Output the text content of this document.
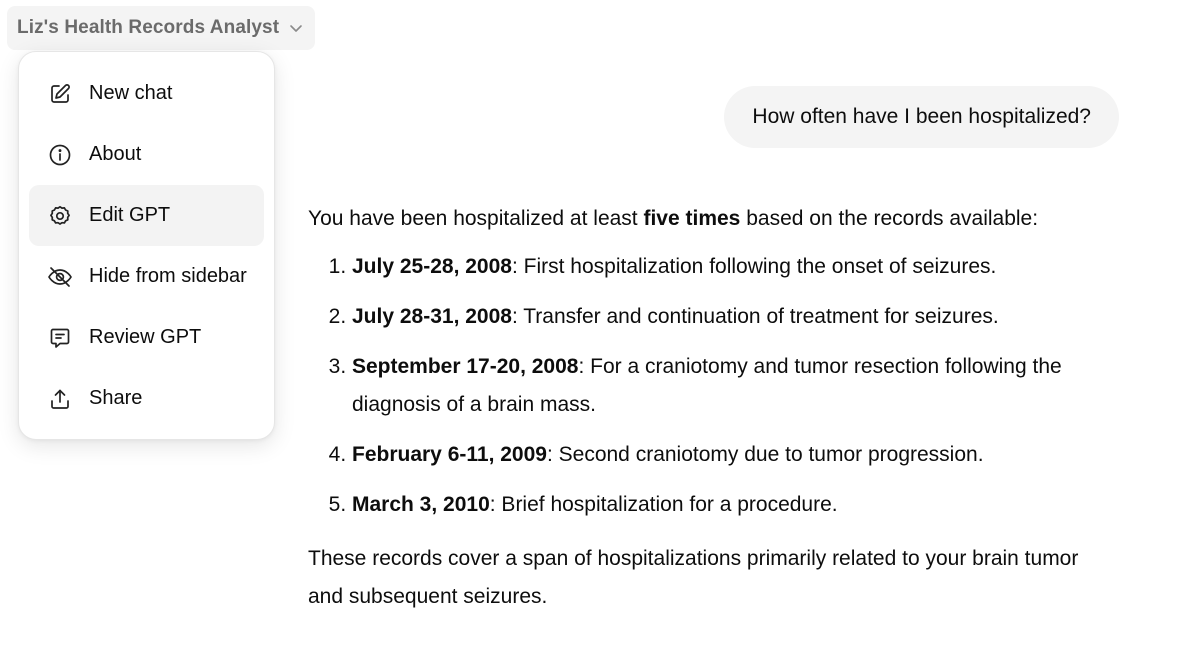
Liz's Health Records Analyst
New chat
About
Edit GPT
Hide from sidebar
Review GPT
Share
How often have I been hospitalized?

You have been hospitalized at least five times based on the records available:

1. July 25-28, 2008: First hospitalization following the onset of seizures.
2. July 28-31, 2008: Transfer and continuation of treatment for seizures.
3. September 17-20, 2008: For a craniotomy and tumor resection following the diagnosis of a brain mass.
4. February 6-11, 2009: Second craniotomy due to tumor progression.
5. March 3, 2010: Brief hospitalization for a procedure.

These records cover a span of hospitalizations primarily related to your brain tumor and subsequent seizures.
